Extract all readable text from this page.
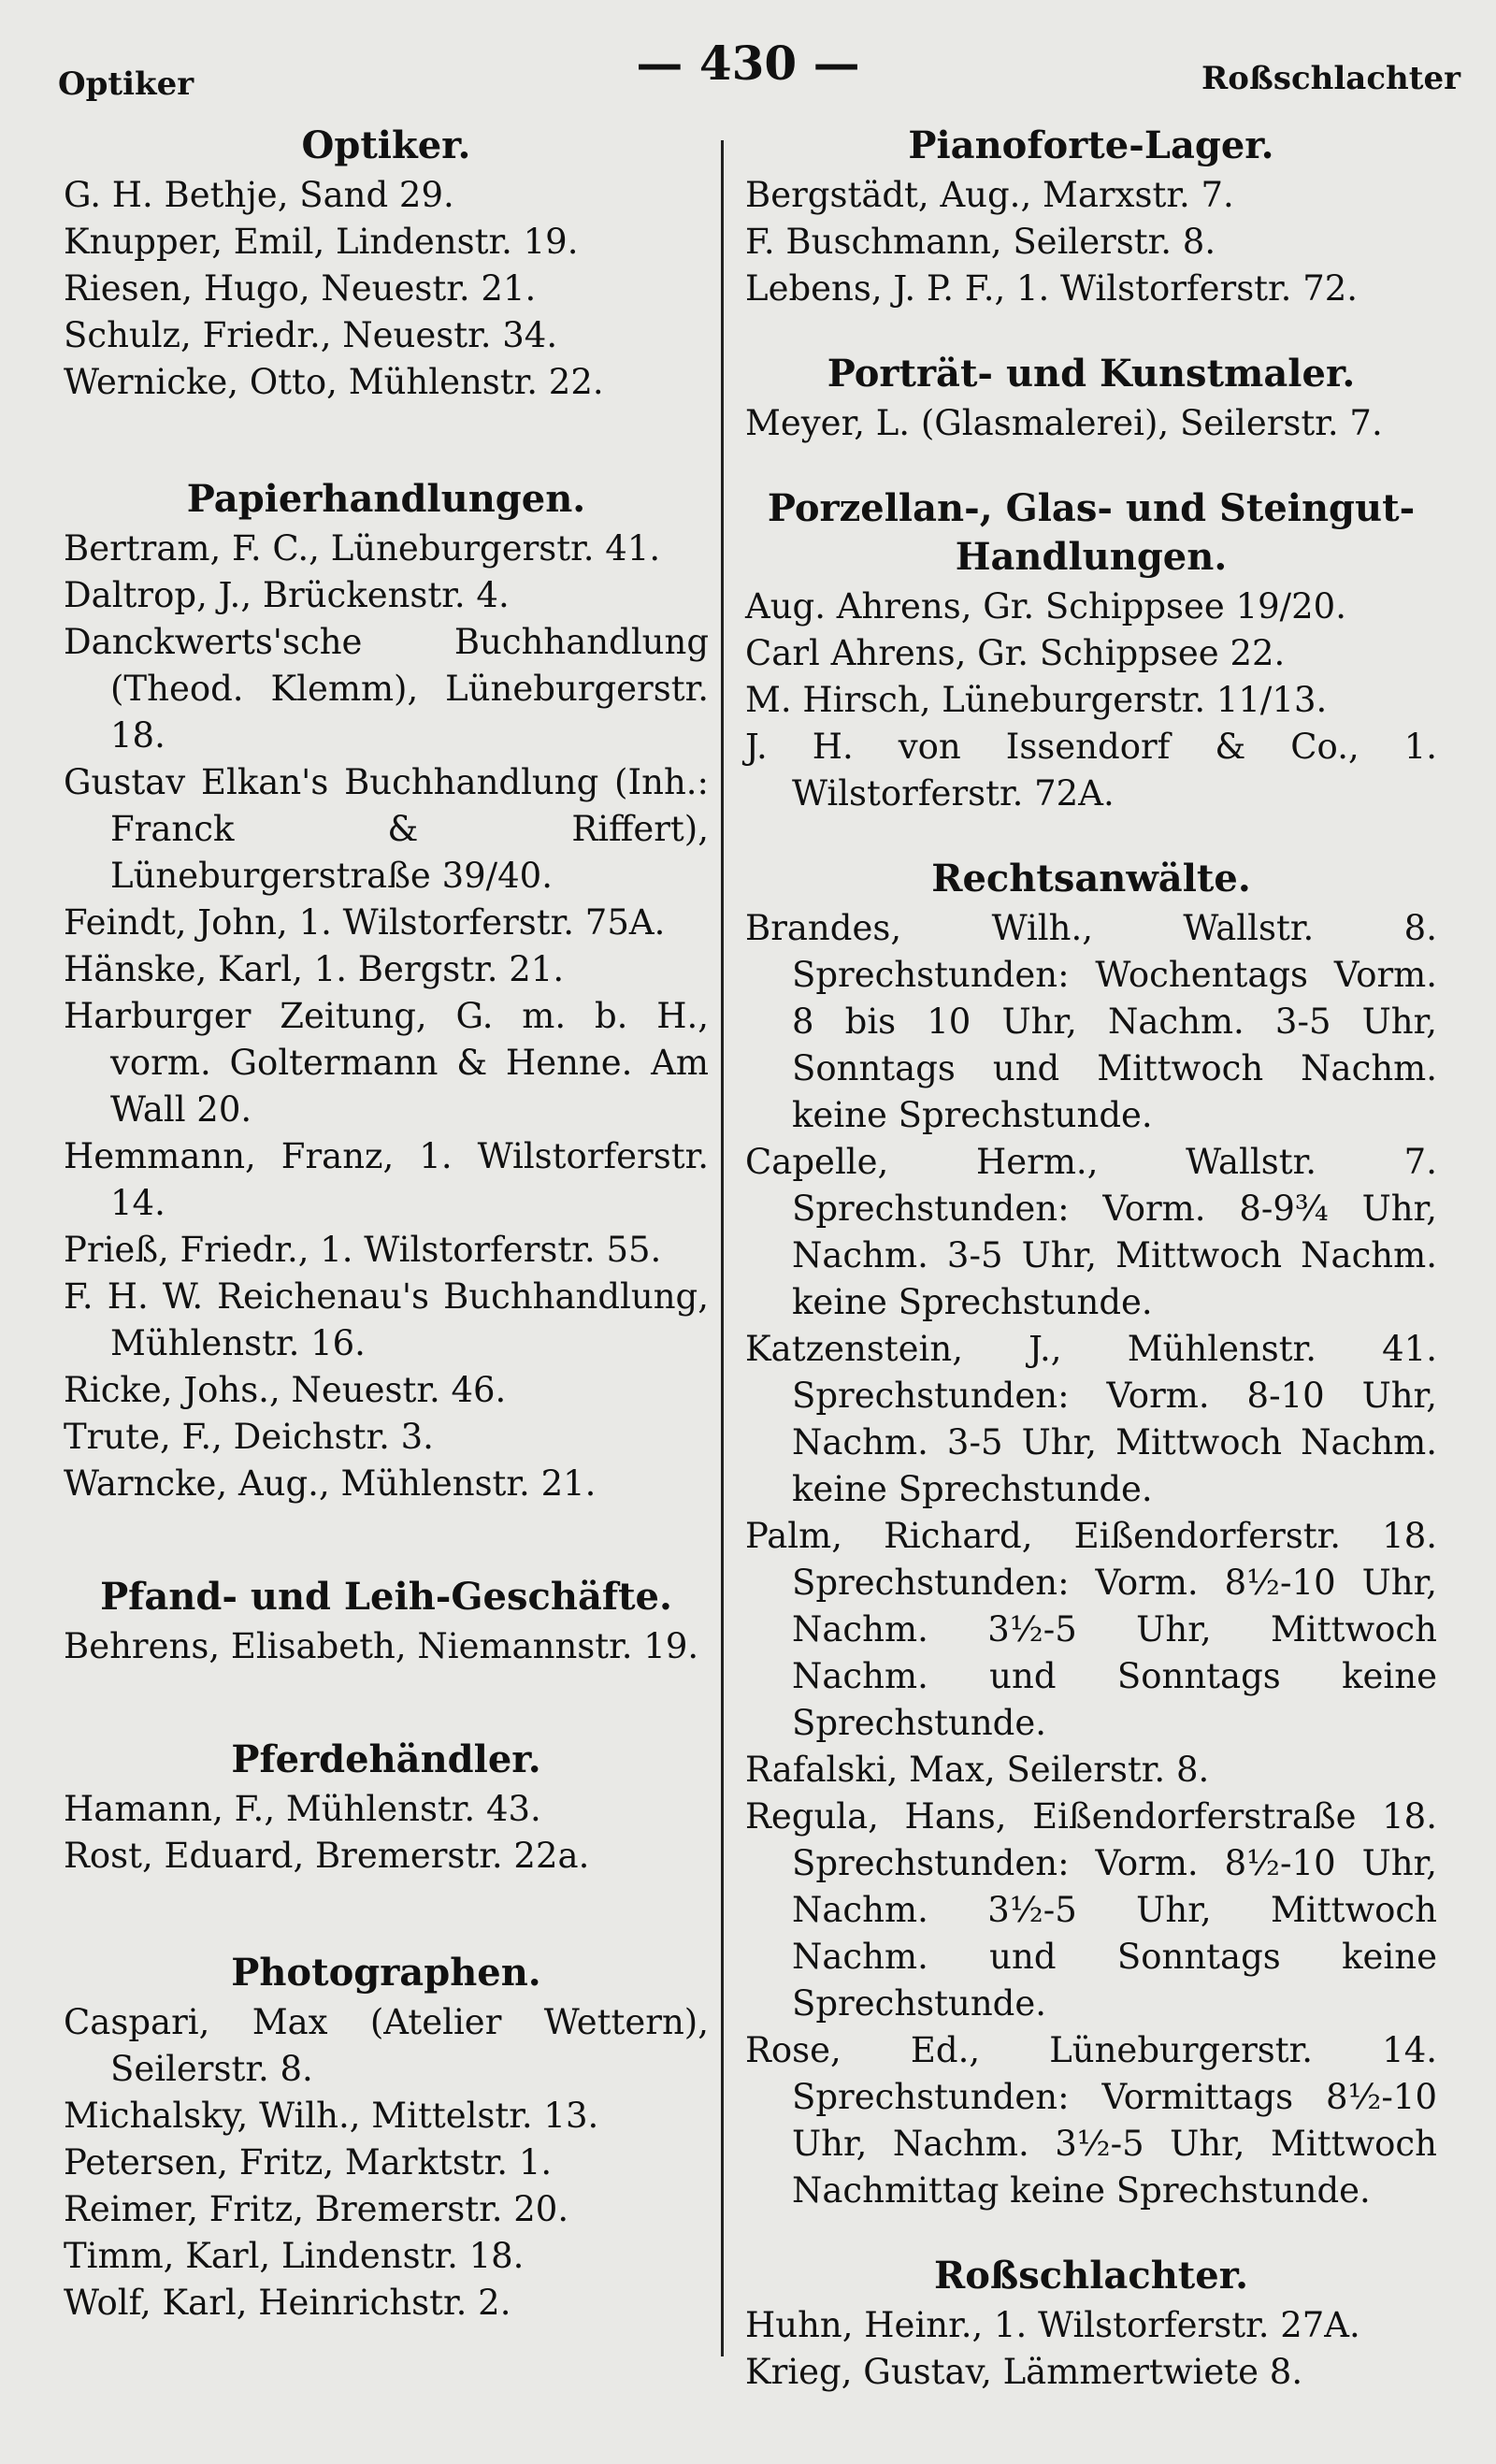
Optiker	— 430 —	Roßschlachter
Optiker.
G. H. Bethje, Sand 29.
Knupper, Emil, Lindenstr. 19.
Riesen, Hugo, Neuestr. 21.
Schulz, Friedr., Neuestr. 34.
Wernicke, Otto, Mühlenstr. 22.
Papierhandlungen.
Bertram, F. C., Lüneburgerstr. 41.
Daltrop, J., Brückenstr. 4.
Danckwerts'sche Buchhandlung (Theod. Klemm), Lüneburgerstr. 18.
Gustav Elkan's Buchhandlung (Inh.: Franck & Riffert), Lüneburgerstraße 39/40.
Feindt, John, 1. Wilstorferstr. 75A.
Hänske, Karl, 1. Bergstr. 21.
Harburger Zeitung, G. m. b. H., vorm. Goltermann & Henne. Am Wall 20.
Hemmann, Franz, 1. Wilstorferstr. 14.
Prieß, Friedr., 1. Wilstorferstr. 55.
F. H. W. Reichenau's Buchhandlung, Mühlenstr. 16.
Ricke, Johs., Neuestr. 46.
Trute, F., Deichstr. 3.
Warncke, Aug., Mühlenstr. 21.
Pfand- und Leih-Geschäfte.
Behrens, Elisabeth, Niemannstr. 19.
Pferdehändler.
Hamann, F., Mühlenstr. 43.
Rost, Eduard, Bremerstr. 22a.
Photographen.
Caspari, Max (Atelier Wettern), Seilerstr. 8.
Michalsky, Wilh., Mittelstr. 13.
Petersen, Fritz, Marktstr. 1.
Reimer, Fritz, Bremerstr. 20.
Timm, Karl, Lindenstr. 18.
Wolf, Karl, Heinrichstr. 2.
Pianoforte-Lager.
Bergstädt, Aug., Marxstr. 7.
F. Buschmann, Seilerstr. 8.
Lebens, J. P. F., 1. Wilstorferstr. 72.
Porträt- und Kunstmaler.
Meyer, L. (Glasmalerei), Seilerstr. 7.
Porzellan-, Glas- und Steingut-Handlungen.
Aug. Ahrens, Gr. Schippsee 19/20.
Carl Ahrens, Gr. Schippsee 22.
M. Hirsch, Lüneburgerstr. 11/13.
J. H. von Issendorf & Co., 1. Wilstorferstr. 72A.
Rechtsanwälte.
Brandes, Wilh., Wallstr. 8. Sprechstunden: Wochentags Vorm. 8 bis 10 Uhr, Nachm. 3-5 Uhr, Sonntags und Mittwoch Nachm. keine Sprechstunde.
Capelle, Herm., Wallstr. 7. Sprechstunden: Vorm. 8-9¾ Uhr, Nachm. 3-5 Uhr, Mittwoch Nachm. keine Sprechstunde.
Katzenstein, J., Mühlenstr. 41. Sprechstunden: Vorm. 8-10 Uhr, Nachm. 3-5 Uhr, Mittwoch Nachm. keine Sprechstunde.
Palm, Richard, Eißendorferstr. 18. Sprechstunden: Vorm. 8½-10 Uhr, Nachm. 3½-5 Uhr, Mittwoch Nachm. und Sonntags keine Sprechstunde.
Rafalski, Max, Seilerstr. 8.
Regula, Hans, Eißendorferstraße 18. Sprechstunden: Vorm. 8½-10 Uhr, Nachm. 3½-5 Uhr, Mittwoch Nachm. und Sonntags keine Sprechstunde.
Rose, Ed., Lüneburgerstr. 14. Sprechstunden: Vormittags 8½-10 Uhr, Nachm. 3½-5 Uhr, Mittwoch Nachmittag keine Sprechstunde.
Roßschlachter.
Huhn, Heinr., 1. Wilstorferstr. 27A.
Krieg, Gustav, Lämmertwiete 8.
